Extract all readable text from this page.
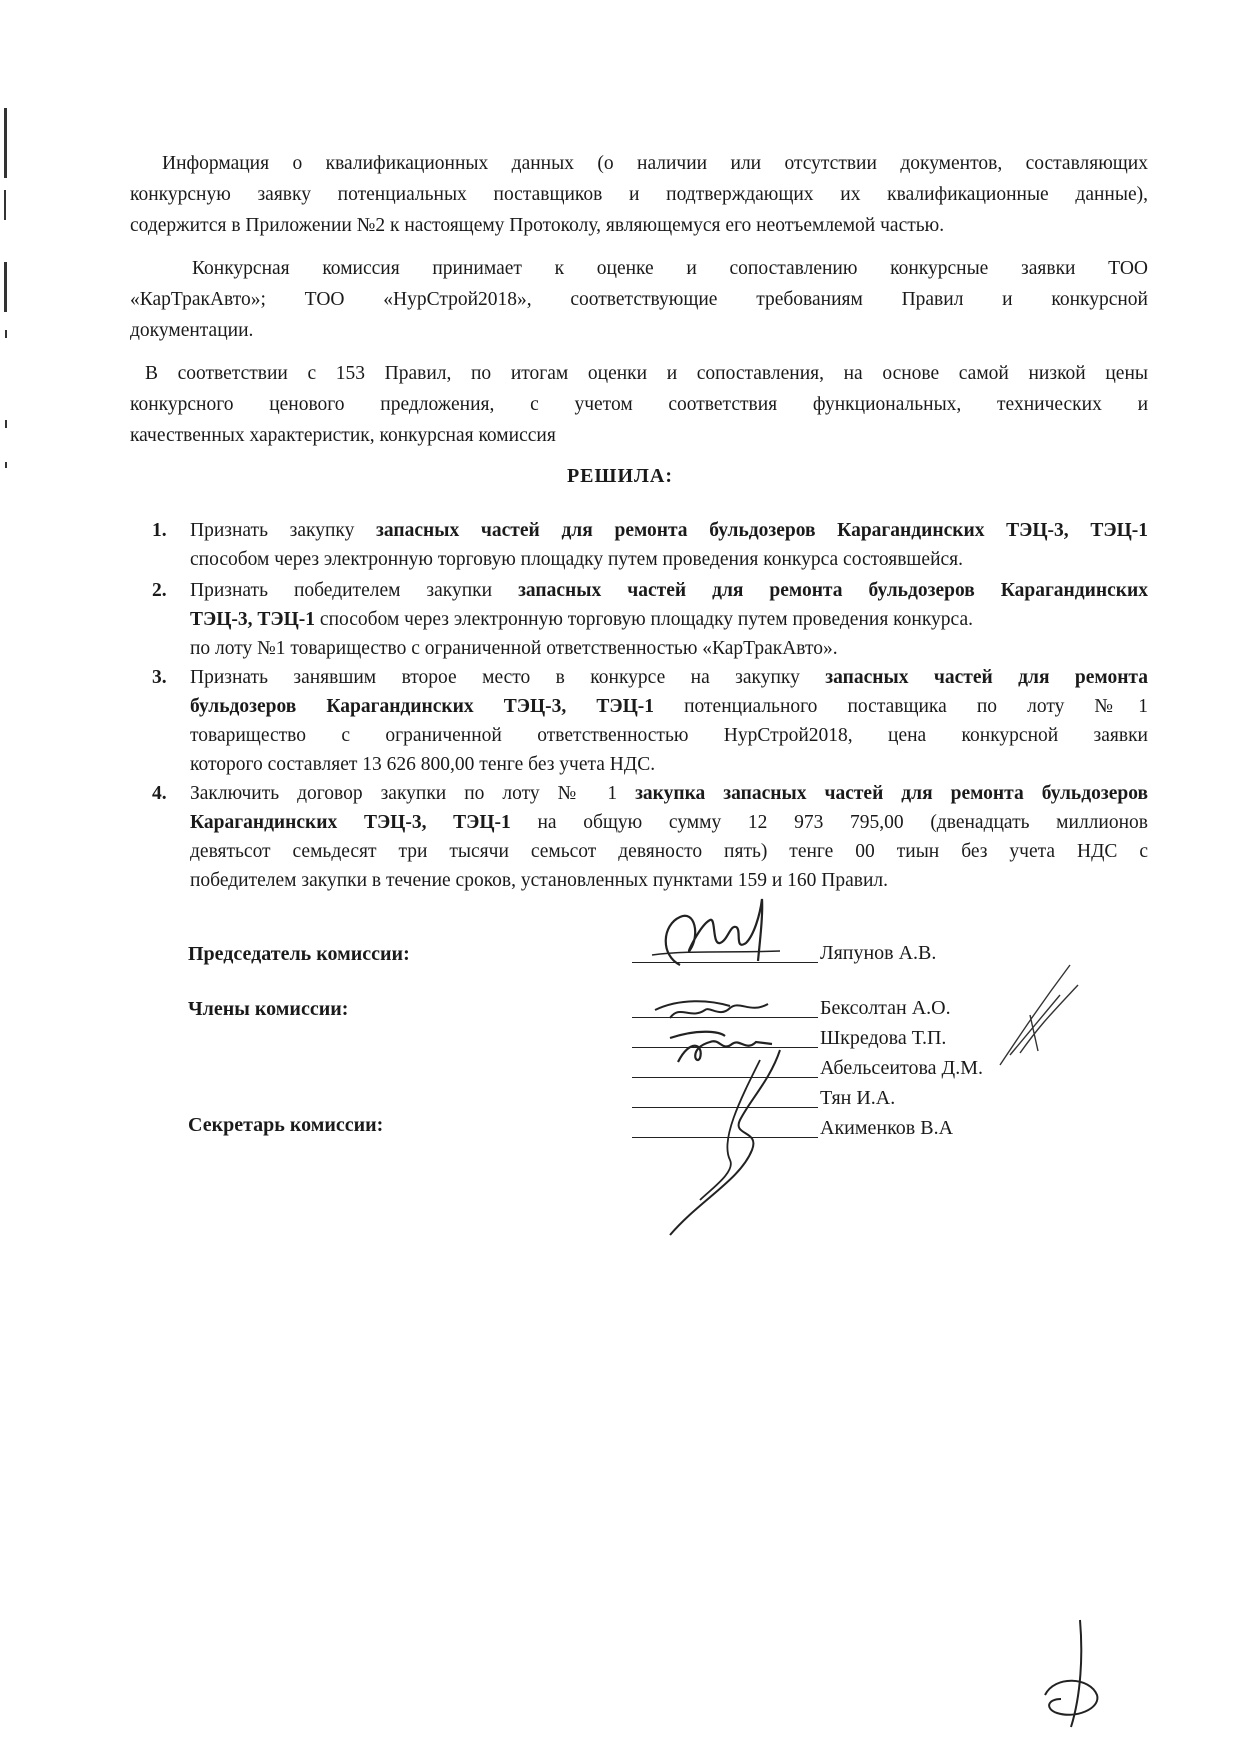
Информация о квалификационных данных (о наличии или отсутствии документов, составляющих
конкурсную заявку потенциальных поставщиков и подтверждающих их квалификационные данные),
содержится в Приложении №2 к настоящему Протоколу, являющемуся его неотъемлемой частью.
Конкурсная комиссия принимает к оценке и сопоставлению конкурсные заявки ТОО
«КарТракАвто»; ТОО «НурСтрой2018», соответствующие требованиям Правил и конкурсной
документации.
В соответствии с 153 Правил, по итогам оценки и сопоставления, на основе самой низкой цены
конкурсного ценового предложения, с учетом соответствия функциональных, технических и
качественных характеристик, конкурсная комиссия
РЕШИЛА:
1. Признать закупку запасных частей для ремонта бульдозеров Карагандинских ТЭЦ-3, ТЭЦ-1
способом через электронную торговую площадку путем проведения конкурса состоявшейся.
2. Признать победителем закупки запасных частей для ремонта бульдозеров Карагандинских
ТЭЦ-3, ТЭЦ-1 способом через электронную торговую площадку путем проведения конкурса.
по лоту №1 товарищество с ограниченной ответственностью «КарТракАвто».
3. Признать занявшим второе место в конкурсе на закупку запасных частей для ремонта
бульдозеров Карагандинских ТЭЦ-3, ТЭЦ-1 потенциального поставщика по лоту №1
товарищество с ограниченной ответственностью НурСтрой2018, цена конкурсной заявки
которого составляет 13 626 800,00 тенге без учета НДС.
4. Заключить договор закупки по лоту № 1 закупка запасных частей для ремонта бульдозеров
Карагандинских ТЭЦ-3, ТЭЦ-1 на общую сумму 12 973 795,00 (двенадцать миллионов
девятьсот семьдесят три тысячи семьсот девяносто пять) тенге 00 тиын без учета НДС с
победителем закупки в течение сроков, установленных пунктами 159 и 160 Правил.
Председатель комиссии:
Члены комиссии:
Секретарь комиссии:
Ляпунов А.В.
Бексолтан А.О.
Шкредова Т.П.
Абельсеитова Д.М.
Тян И.А.
Акименков В.А
